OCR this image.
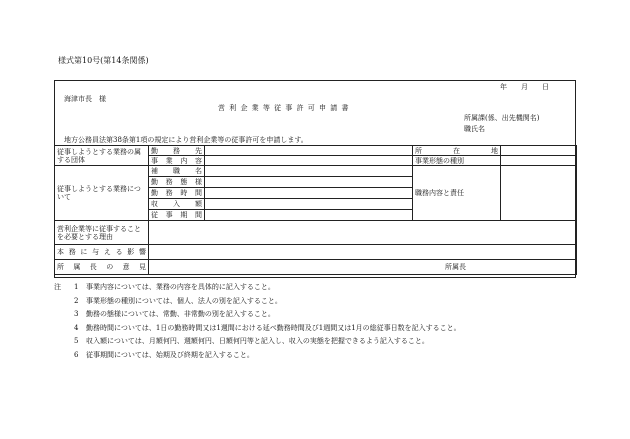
様式第10号(第14条関係)
年　　月　　日
海津市長　様
営 利 企 業 等 従 事 許 可 申 請 書
所属課(係、出先機関名)
職氏名
地方公務員法第38条第1項の規定により営利企業等の従事許可を申請します。
従事しようとする業務の属する団体	勤　務　先		所　　在　　地	
	事 業 内 容		事業形態の種別	
従事しようとする業務について	補　職　名		職務内容と責任	
	勤 務 態 様			
	勤 務 時 間			
	収　入　額			
	従 事 期 間			
営利企業等に従事することを必要とする理由				
本 務 に 与 え る 影 響				
所 属 長 の 意 見	所属長			
注	1	事業内容については、業務の内容を具体的に記入すること。
2	事業形態の種別については、個人、法人の別を記入すること。
3	勤務の態様については、常勤、非常勤の別を記入すること。
4	勤務時間については、1日の勤務時間又は1週間における延べ勤務時間及び1週間又は1月の総従事日数を記入すること。
5	収入額については、月額何円、週額何円、日額何円等と記入し、収入の実態を把握できるよう記入すること。
6	従事期間については、始期及び終期を記入すること。
